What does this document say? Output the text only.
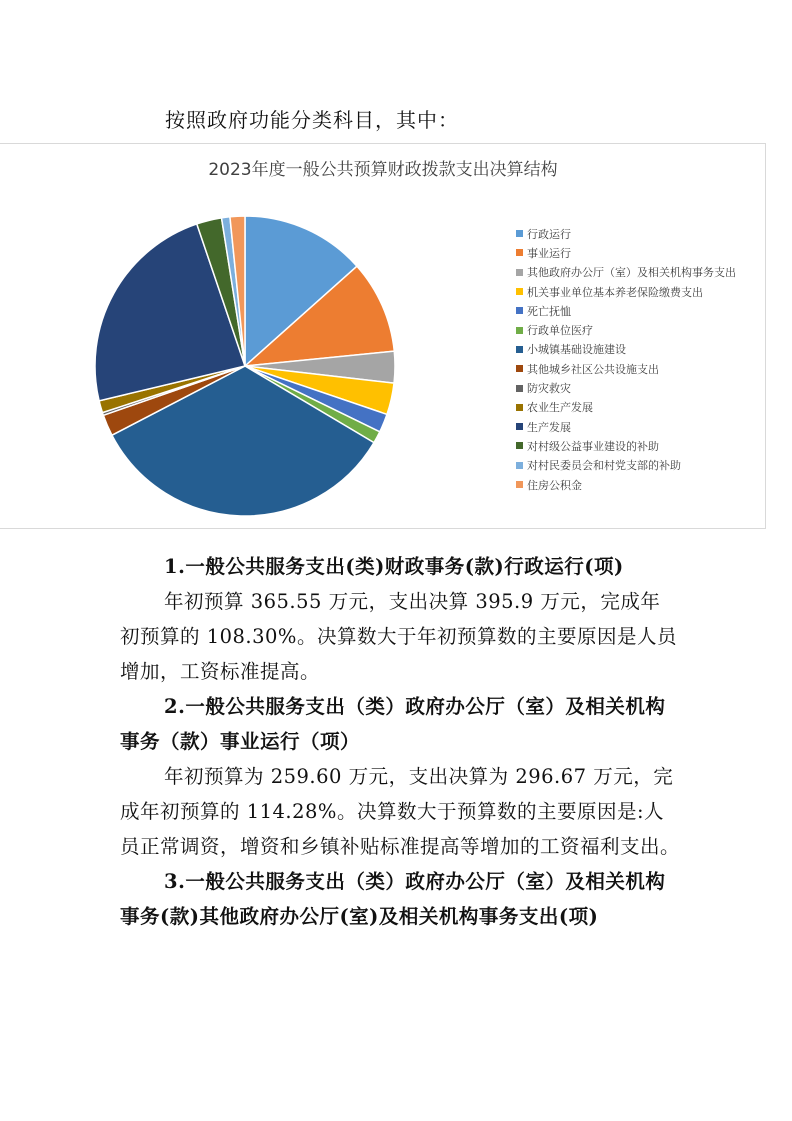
按照政府功能分类科目，其中：
2023年度一般公共预算财政拨款支出决算结构
行政运行
事业运行
其他政府办公厅（室）及相关机构事务支出
机关事业单位基本养老保险缴费支出
死亡抚恤
行政单位医疗
小城镇基础设施建设
其他城乡社区公共设施支出
防灾救灾
农业生产发展
生产发展
对村级公益事业建设的补助
对村民委员会和村党支部的补助
住房公积金

1.一般公共服务支出(类)财政事务(款)行政运行(项)

年初预算 365.55 万元，支出决算 395.9 万元，完成年初预算的 108.30%。决算数大于年初预算数的主要原因是人员增加，工资标准提高。

2.一般公共服务支出（类）政府办公厅（室）及相关机构事务（款）事业运行（项）

年初预算为 259.60 万元，支出决算为 296.67 万元，完成年初预算的 114.28%。决算数大于预算数的主要原因是:人员正常调资，增资和乡镇补贴标准提高等增加的工资福利支出。

3.一般公共服务支出（类）政府办公厅（室）及相关机构事务(款)其他政府办公厅(室)及相关机构事务支出(项)
